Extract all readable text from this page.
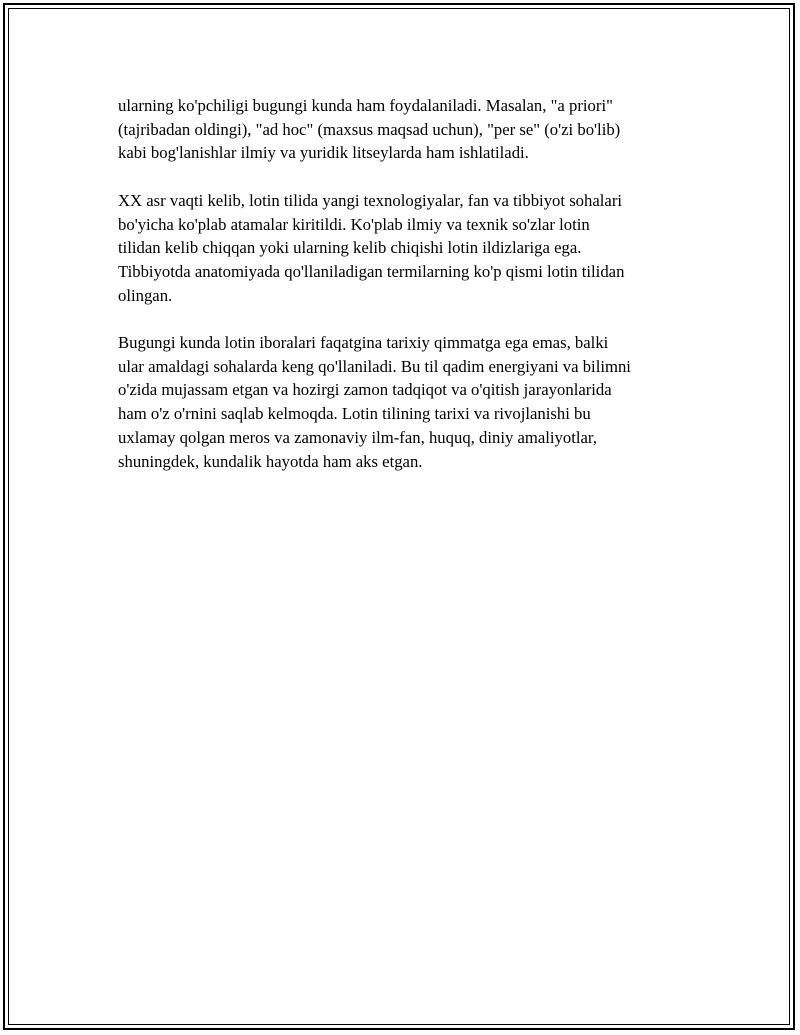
ularning ko'pchiligi bugungi kunda ham foydalaniladi. Masalan, "a priori"
(tajribadan oldingi), "ad hoc" (maxsus maqsad uchun), "per se" (o'zi bo'lib)
kabi bog'lanishlar ilmiy va yuridik litseylarda ham ishlatiladi.

XX asr vaqti kelib, lotin tilida yangi texnologiyalar, fan va tibbiyot sohalari
bo'yicha ko'plab atamalar kiritildi. Ko'plab ilmiy va texnik so'zlar lotin
tilidan kelib chiqqan yoki ularning kelib chiqishi lotin ildizlariga ega.
Tibbiyotda anatomiyada qo'llaniladigan termilarning ko'p qismi lotin tilidan
olingan.

Bugungi kunda lotin iboralari faqatgina tarixiy qimmatga ega emas, balki
ular amaldagi sohalarda keng qo'llaniladi. Bu til qadim energiyani va bilimni
o'zida mujassam etgan va hozirgi zamon tadqiqot va o'qitish jarayonlarida
ham o'z o'rnini saqlab kelmoqda. Lotin tilining tarixi va rivojlanishi bu
uxlamay qolgan meros va zamonaviy ilm-fan, huquq, diniy amaliyotlar,
shuningdek, kundalik hayotda ham aks etgan.
